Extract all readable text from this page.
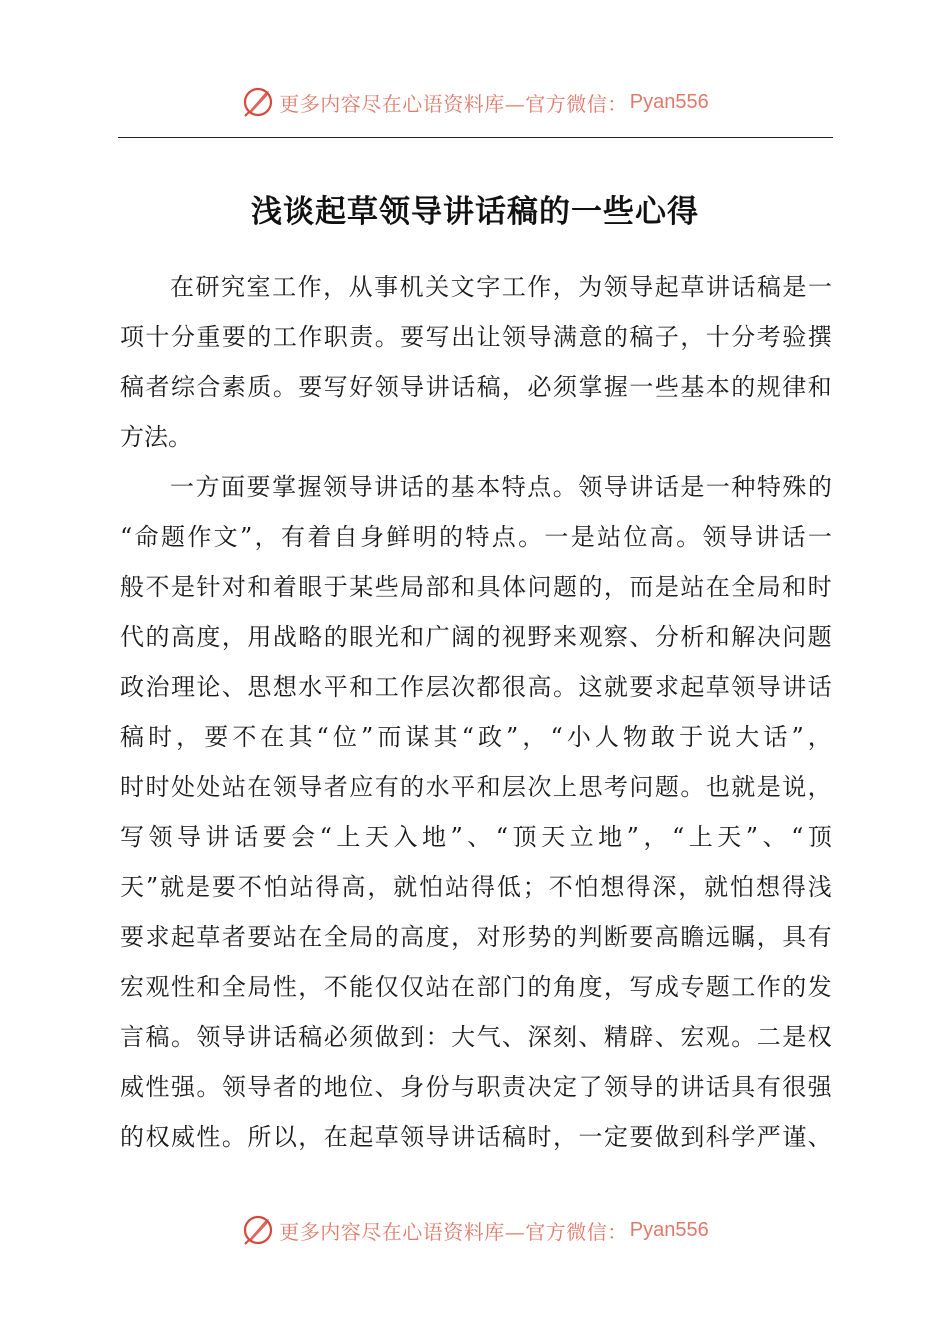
更多内容尽在心语资料库—官方微信： Pyan556
浅谈起草领导讲话稿的一些心得
在 研 究 室 工 作 ， 从 事 机 关 文 字 工 作 ， 为 领 导 起 草 讲 话 稿 是 一
项 十 分 重 要 的 工 作 职 责 。 要 写 出 让 领 导 满 意 的 稿 子 ， 十 分 考 验 撰
稿 者 综 合 素 质 。 要 写 好 领 导 讲 话 稿 ， 必 须 掌 握 一 些 基 本 的 规 律 和
方法。
一 方 面 要 掌 握 领 导 讲 话 的 基 本 特 点 。 领 导 讲 话 是 一 种 特 殊 的
“ 命 题 作 文 ” ， 有 着 自 身 鲜 明 的 特 点 。 一 是 站 位 高 。 领 导 讲 话 一
般 不 是 针 对 和 着 眼 于 某 些 局 部 和 具 体 问 题 的 ， 而 是 站 在 全 局 和 时
代 的 高 度 ， 用 战 略 的 眼 光 和 广 阔 的 视 野 来 观 察 、 分 析 和 解 决 问 题
政 治 理 论 、 思 想 水 平 和 工 作 层 次 都 很 高 。 这 就 要 求 起 草 领 导 讲 话
稿 时 ， 要 不 在 其 “ 位 ” 而 谋 其 “ 政 ” ， “ 小 人 物 敢 于 说 大 话 ” ，
时 时 处 处 站 在 领 导 者 应 有 的 水 平 和 层 次 上 思 考 问 题 。 也 就 是 说 ，
写 领 导 讲 话 要 会 “ 上 天 入 地 ” 、 “ 顶 天 立 地 ” ， “ 上 天 ” 、 “ 顶
天 ” 就 是 要 不 怕 站 得 高 ， 就 怕 站 得 低 ； 不 怕 想 得 深 ， 就 怕 想 得 浅
要 求 起 草 者 要 站 在 全 局 的 高 度 ， 对 形 势 的 判 断 要 高 瞻 远 瞩 ， 具 有
宏 观 性 和 全 局 性 ， 不 能 仅 仅 站 在 部 门 的 角 度 ， 写 成 专 题 工 作 的 发
言 稿 。 领 导 讲 话 稿 必 须 做 到 ： 大 气 、 深 刻 、 精 辟 、 宏 观 。 二 是 权
威 性 强 。 领 导 者 的 地 位 、 身 份 与 职 责 决 定 了 领 导 的 讲 话 具 有 很 强
的 权 威 性 。 所 以 ， 在 起 草 领 导 讲 话 稿 时 ， 一 定 要 做 到 科 学 严 谨 、
更多内容尽在心语资料库—官方微信： Pyan556
